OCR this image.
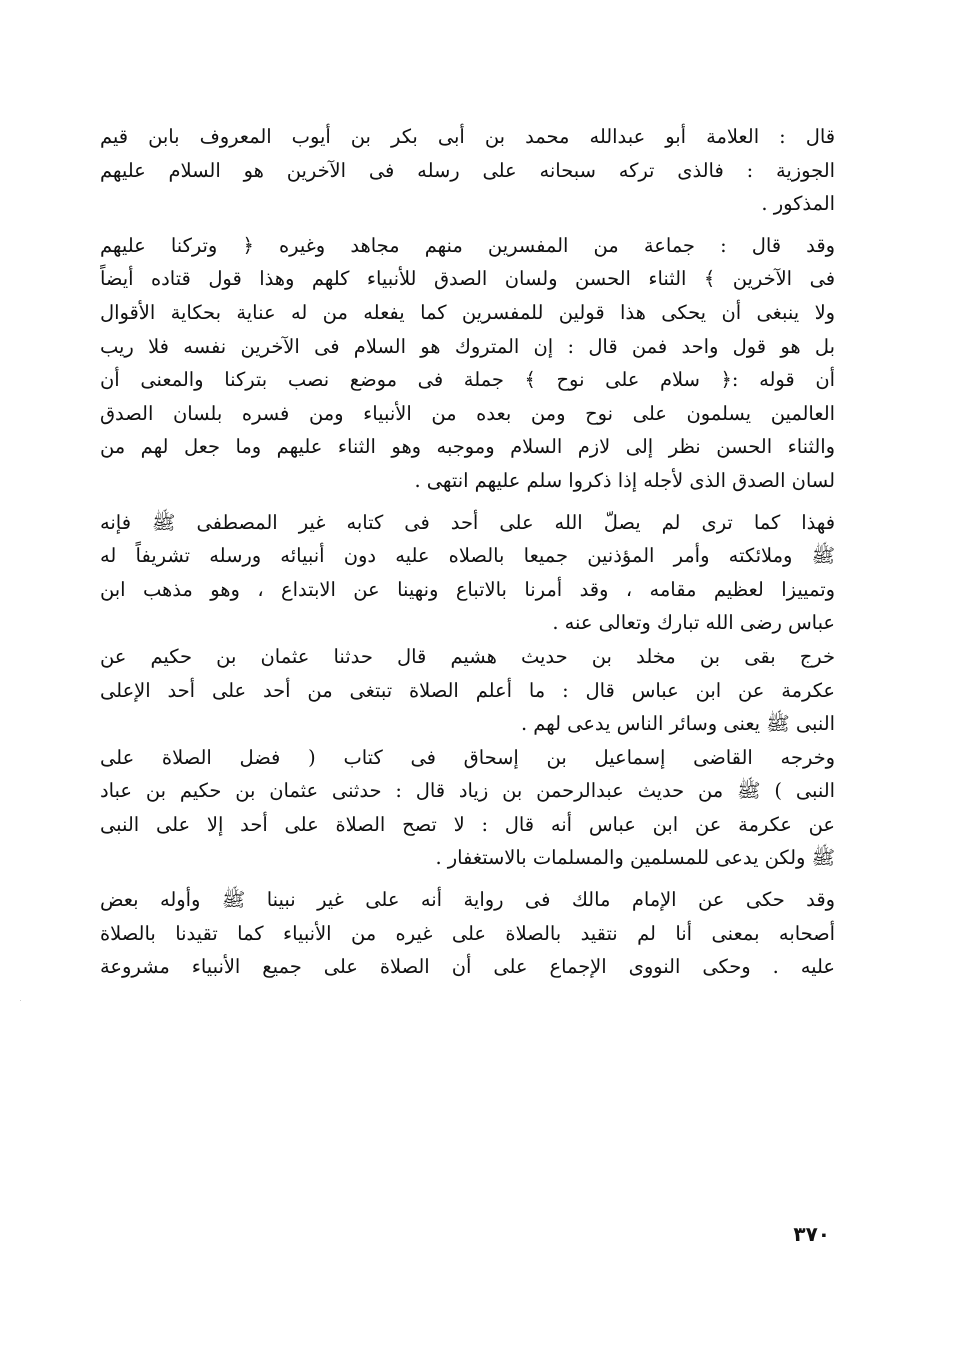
قال : العلامة أبو عبدالله محمد بن أبى بكر بن أيوب المعروف بابن قيم
الجوزية : فالذى تركه سبحانه على رسله فى الآخرين هو السلام عليهم
المذكور .
وقد قال : جماعة من المفسرين منهم مجاهد وغيره ﴿ وتركنا عليهم
فى الآخرين ﴾ الثناء الحسن ولسان الصدق للأنبياء كلهم وهذا قول قتاده أيضاً
ولا ينبغى أن يحكى هذا قولين للمفسرين كما يفعله من له عناية بحكاية الأقوال
بل هو قول واحد فمن قال : إن المتروك هو السلام فى الآخرين نفسه فلا ريب
أن قوله :﴿ سلام على نوح ﴾ جملة فى موضع نصب بتركنا والمعنى أن
العالمين يسلمون على نوح ومن بعده من الأنبياء ومن فسره بلسان الصدق
والثناء الحسن نظر إلى لازم السلام وموجبه وهو الثناء عليهم وما جعل لهم من
لسان الصدق الذى لأجله إذا ذكروا سلم عليهم انتهى .
فهذا كما ترى لم يصلّ الله على أحد فى كتابه غير المصطفى ﷺ فإنه
ﷺ وملائكته وأمر المؤذنين جميعا بالصلاه عليه دون أنبيائه ورسله تشريفاً له
وتمييزا لعظيم مقامه ، وقد أمرنا بالاتباع ونهينا عن الابتداع ، وهو مذهب ابن
عباس رضى الله تبارك وتعالى عنه .
خرج بقى بن مخلد بن حديث هشيم قال حدثنا عثمان بن حكيم عن
عكرمة عن ابن عباس قال : ما أعلم الصلاة تبتغى من أحد على أحد الإعلى
النبى ﷺ يعنى وسائر الناس يدعى لهم .
وخرجه القاضى إسماعيل بن إسحاق فى كتاب ( فضل الصلاة على
النبى ) ﷺ من حديث عبدالرحمن بن زياد قال : حدثنى عثمان بن حكيم بن عباد
عن عكرمة عن ابن عباس أنه قال : لا تصح الصلاة على أحد إلا على النبى
ﷺ ولكن يدعى للمسلمين والمسلمات بالاستغفار .
وقد حكى عن الإمام مالك فى رواية أنه على غير نبينا ﷺ وأوله بعض
أصحابه بمعنى أنا لم نتقيد بالصلاة على غيره من الأنبياء كما تقيدنا بالصلاة
عليه . وحكى النووى الإجماع على أن الصلاة على جميع الأنبياء مشروعة
٣٧٠
